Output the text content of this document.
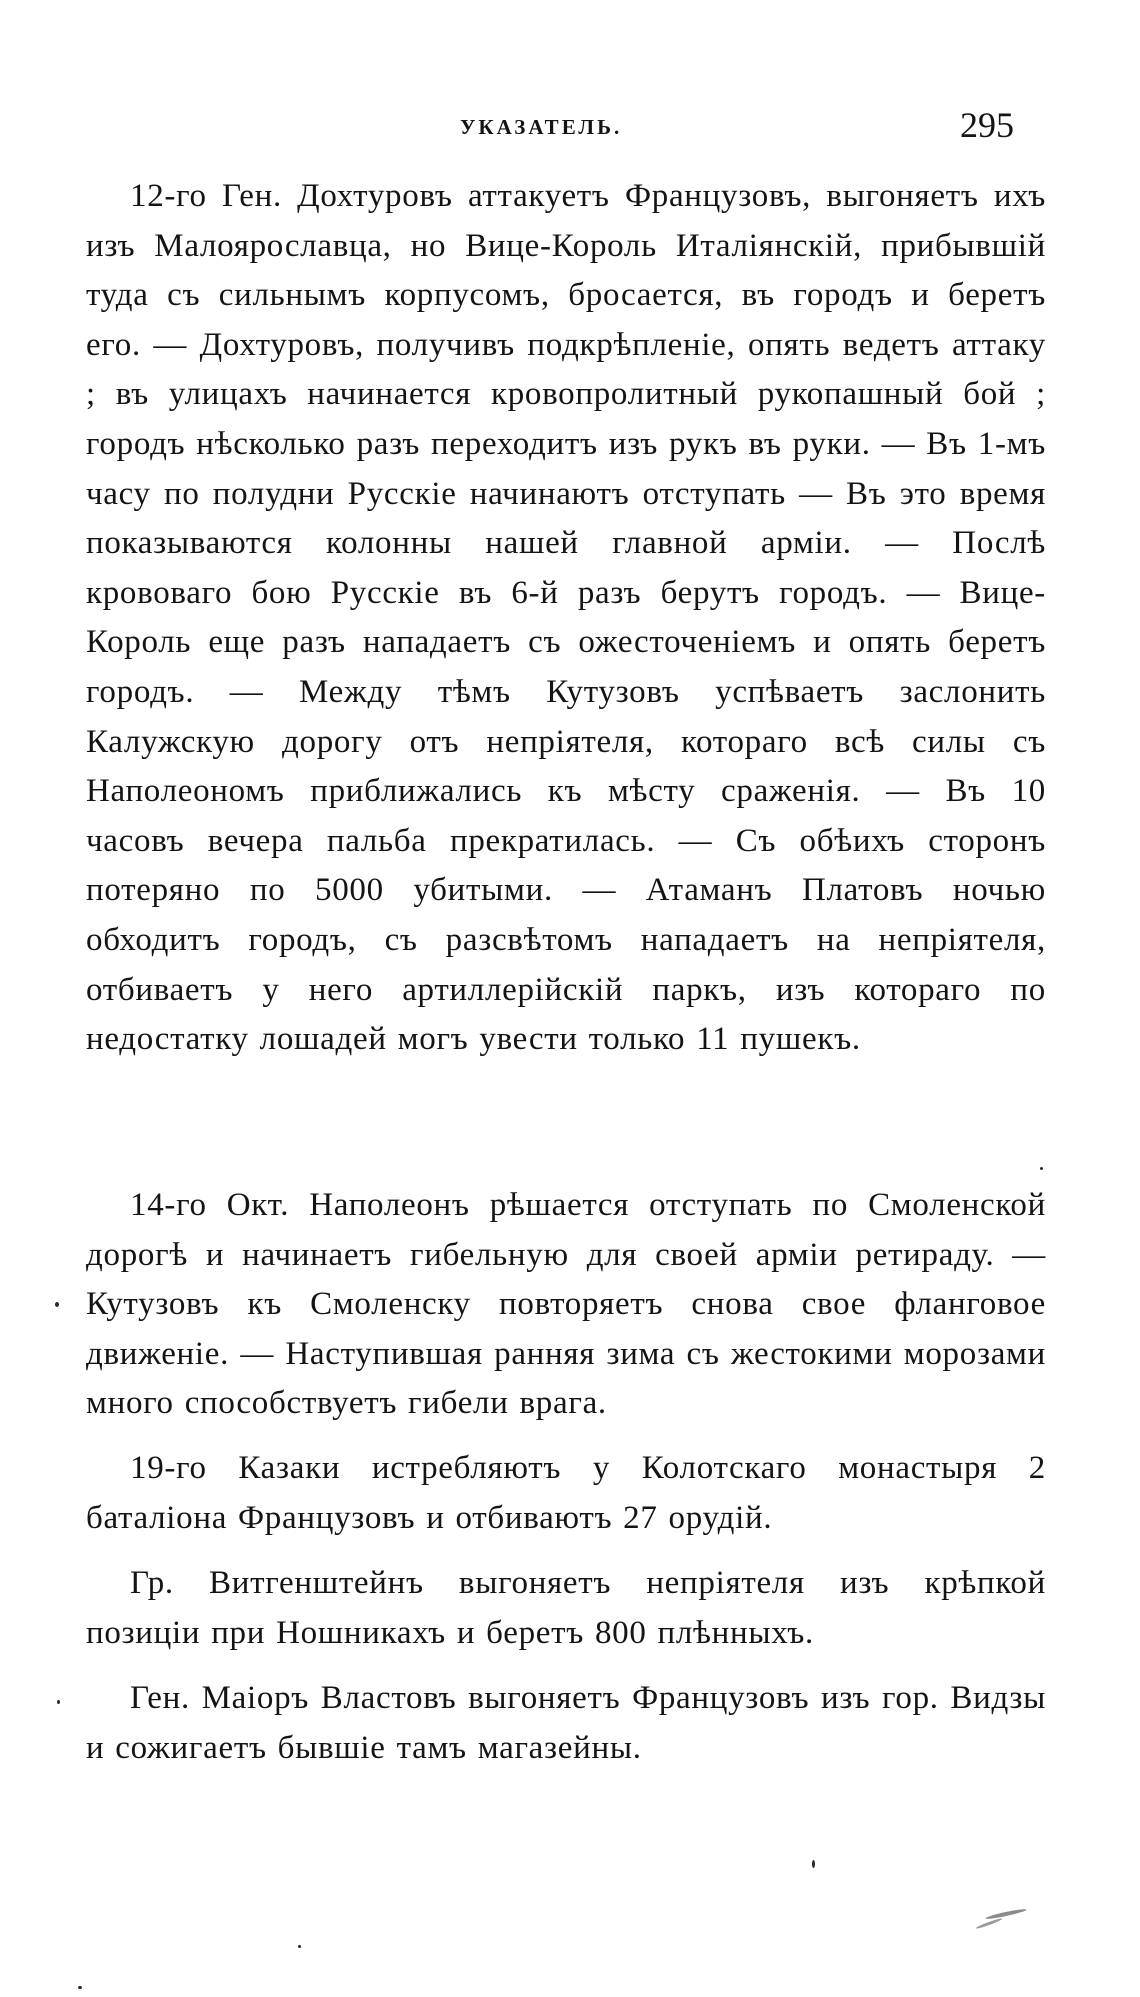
УКАЗАТЕЛЬ.	295

12-го Ген. Дохтуровъ аттакуетъ Французовъ, выгоняетъ ихъ изъ Малоярославца, но Вице-Король Италіянскій, прибывшій туда съ сильнымъ корпусомъ, бросается, въ городъ и беретъ его. — Дохтуровъ, получивъ подкрѣпленіе, опять ведетъ аттаку ; въ улицахъ начинается кровопролитный рукопашный бой ; городъ нѣсколько разъ переходитъ изъ рукъ въ руки. — Въ 1-мъ часу по полудни Русскіе начинаютъ отступать — Въ это время показываются колонны нашей главной арміи. — Послѣ крововаго бою Русскіе въ 6-й разъ берутъ городъ. — Вице-Король еще разъ нападаетъ съ ожесточеніемъ и опять беретъ городъ. — Между тѣмъ Кутузовъ успѣваетъ заслонить Калужскую дорогу отъ непріятеля, котораго всѣ силы съ Наполеономъ приближались къ мѣсту сраженія. — Въ 10 часовъ вечера пальба прекратилась. — Съ обѣихъ сторонъ потеряно по 5000 убитыми. — Атаманъ Платовъ ночью обходитъ городъ, съ разсвѣтомъ нападаетъ на непріятеля, отбиваетъ у него артиллерійскій паркъ, изъ котораго по недостатку лошадей могъ увести только 11 пушекъ.

14-го Окт. Наполеонъ рѣшается отступать по Смоленской дорогѣ и начинаетъ гибельную для своей арміи ретираду. — Кутузовъ къ Смоленску повторяетъ снова свое фланговое движеніе. — Наступившая ранняя зима съ жестокими морозами много способствуетъ гибели врага.

19-го Казаки истребляютъ у Колотскаго монастыря 2 баталіона Французовъ и отбиваютъ 27 орудій.

Гр. Витгенштейнъ выгоняетъ непріятеля изъ крѣпкой позиціи при Ношникахъ и беретъ 800 плѣнныхъ.

Ген. Маіоръ Властовъ выгоняетъ Французовъ изъ гор. Видзы и сожигаетъ бывшіе тамъ магазейны.
